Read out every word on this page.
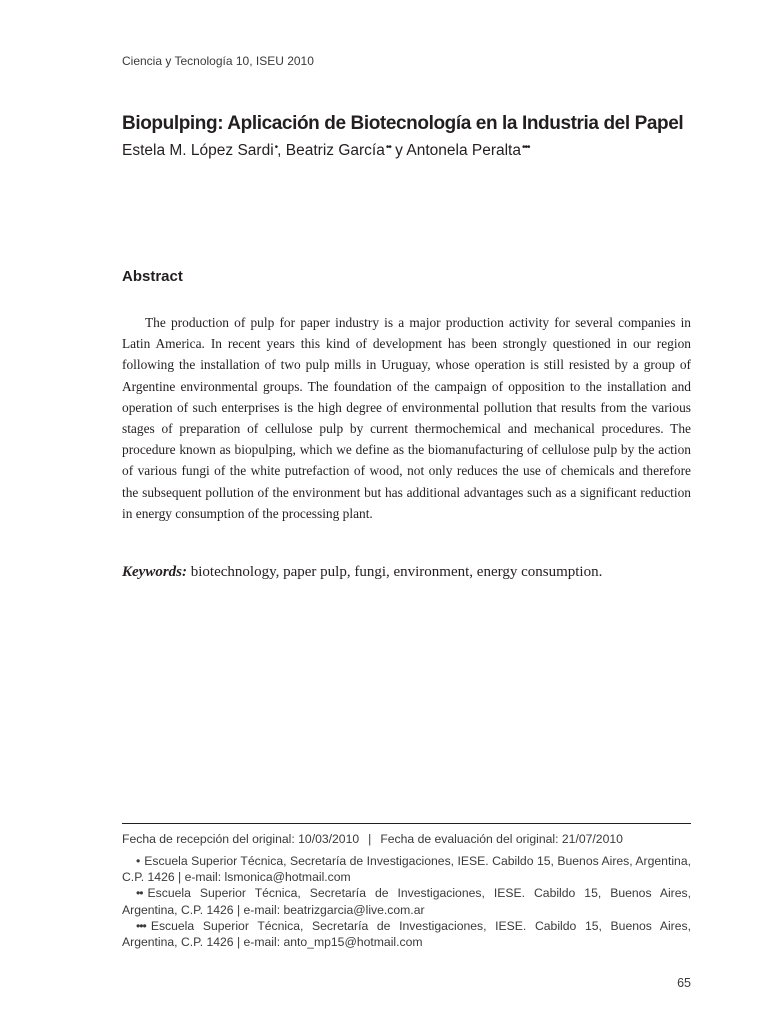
Ciencia y Tecnología 10, ISEU 2010
Biopulping: Aplicación de Biotecnología en la Industria del Papel
Estela M. López Sardi•, Beatriz García•• y Antonela Peralta•••
Abstract

The production of pulp for paper industry is a major production activity for several companies in Latin America. In recent years this kind of development has been strongly questioned in our region following the installation of two pulp mills in Uruguay, whose operation is still resisted by a group of Argentine environmental groups. The foundation of the campaign of opposition to the installation and operation of such enterprises is the high degree of environmental pollution that results from the various stages of preparation of cellulose pulp by current thermochemical and mechanical procedures. The procedure known as biopulping, which we define as the biomanufacturing of cellulose pulp by the action of various fungi of the white putrefaction of wood, not only reduces the use of chemicals and therefore the subsequent pollution of the environment but has additional advantages such as a significant reduction in energy consumption of the processing plant.

Keywords: biotechnology, paper pulp, fungi, environment, energy consumption.
Fecha de recepción del original: 10/03/2010 | Fecha de evaluación del original: 21/07/2010

• Escuela Superior Técnica, Secretaría de Investigaciones, IESE. Cabildo 15, Buenos Aires, Argentina, C.P. 1426 | e-mail: lsmonica@hotmail.com

•• Escuela Superior Técnica, Secretaría de Investigaciones, IESE. Cabildo 15, Buenos Aires, Argentina, C.P. 1426 | e-mail: beatrizgarcia@live.com.ar

••• Escuela Superior Técnica, Secretaría de Investigaciones, IESE. Cabildo 15, Buenos Aires, Argentina, C.P. 1426 | e-mail: anto_mp15@hotmail.com

65
